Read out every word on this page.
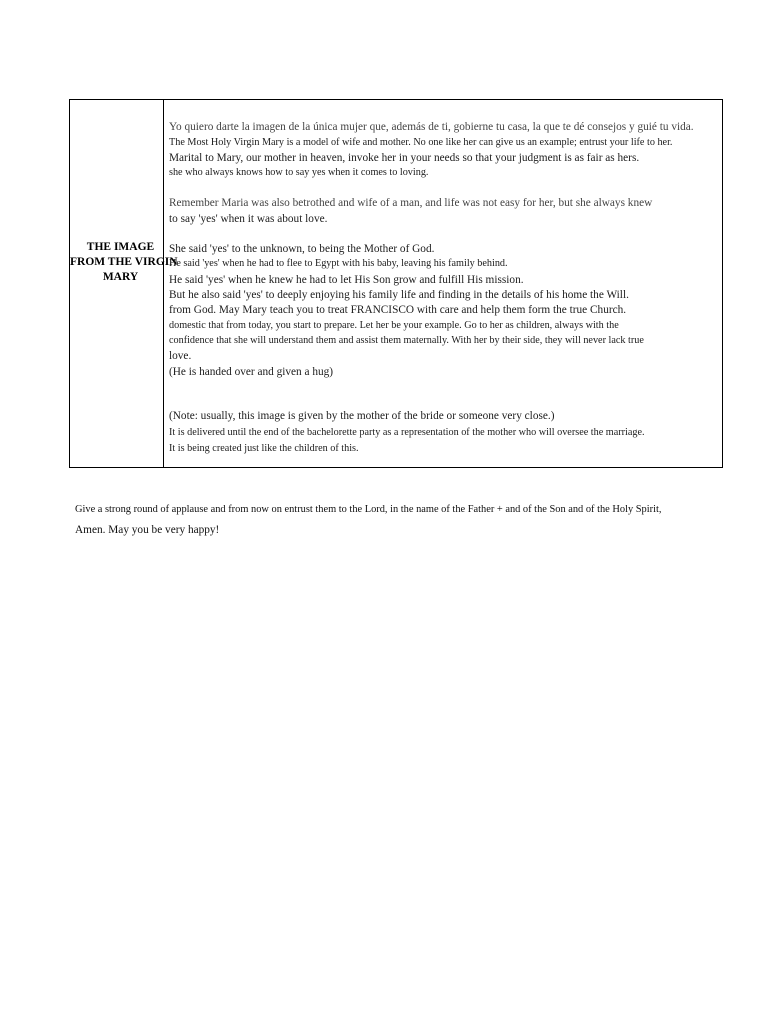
THE IMAGE
FROM THE VIRGIN
MARY
Yo quiero darte la imagen de la única mujer que, además de ti, gobierne tu casa, la que te dé consejos y guié tu vida.
The Most Holy Virgin Mary is a model of wife and mother. No one like her can give us an example; entrust your life to her.
Marital to Mary, our mother in heaven, invoke her in your needs so that your judgment is as fair as hers.
she who always knows how to say yes when it comes to loving.
Remember Maria was also betrothed and wife of a man, and life was not easy for her, but she always knew
to say 'yes' when it was about love.
She said 'yes' to the unknown, to being the Mother of God.
He said 'yes' when he had to flee to Egypt with his baby, leaving his family behind.
He said 'yes' when he knew he had to let His Son grow and fulfill His mission.
But he also said 'yes' to deeply enjoying his family life and finding in the details of his home the Will.
from God. May Mary teach you to treat FRANCISCO with care and help them form the true Church.
domestic that from today, you start to prepare. Let her be your example. Go to her as children, always with the
confidence that she will understand them and assist them maternally. With her by their side, they will never lack true
love.
(He is handed over and given a hug)
(Note: usually, this image is given by the mother of the bride or someone very close.)
It is delivered until the end of the bachelorette party as a representation of the mother who will oversee the marriage.
It is being created just like the children of this.
Give a strong round of applause and from now on entrust them to the Lord, in the name of the Father + and of the Son and of the Holy Spirit,
Amen. May you be very happy!
